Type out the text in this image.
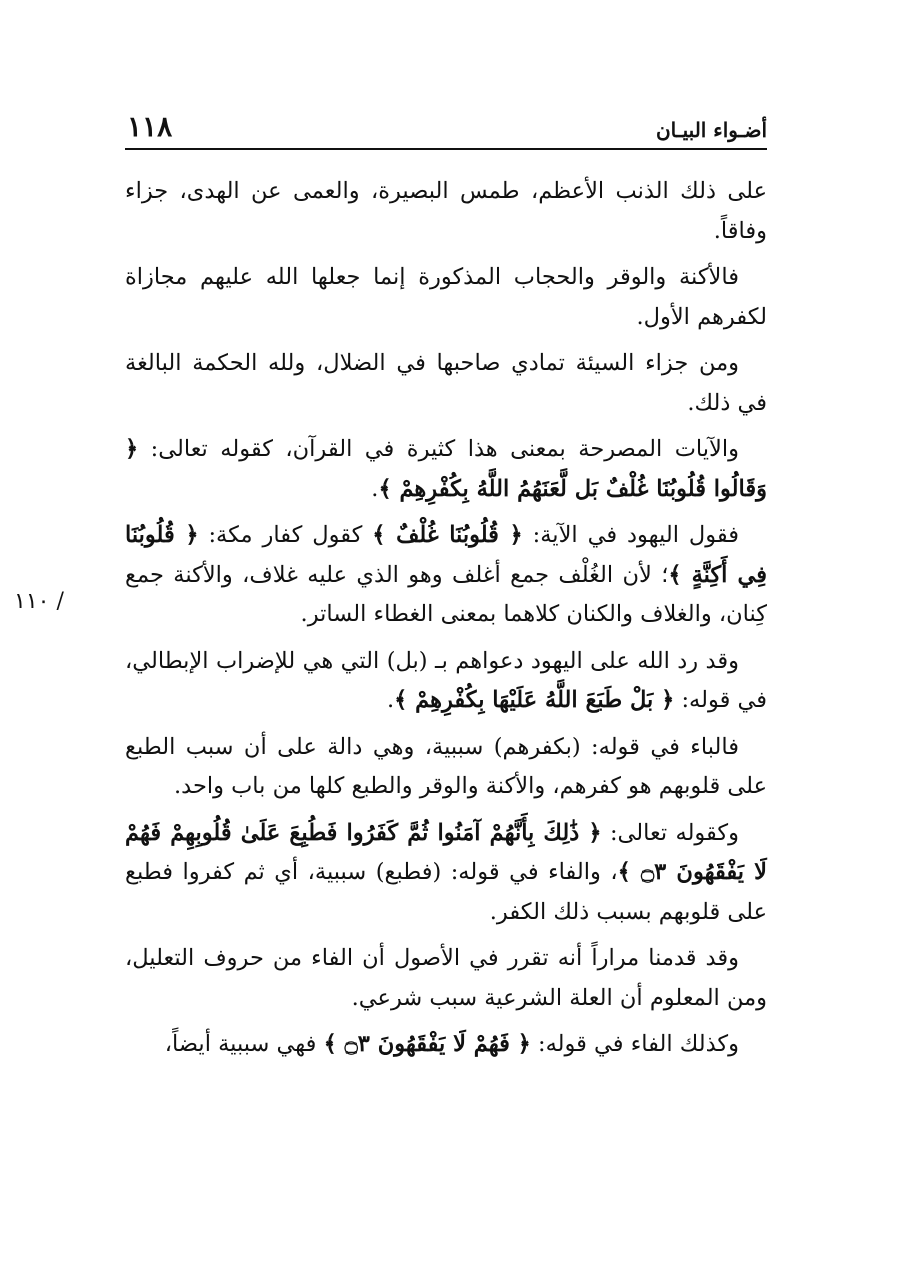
١١٨	أضـواء البيـان
١١٠ /

على ذلك الذنب الأعظم، طمس البصيرة، والعمى عن الهدى، جزاء وفاقاً.

فالأكنة والوقر والحجاب المذكورة إنما جعلها الله عليهم مجازاة لكفرهم الأول.

ومن جزاء السيئة تمادي صاحبها في الضلال، ولله الحكمة البالغة في ذلك.

والآيات المصرحة بمعنى هذا كثيرة في القرآن، كقوله تعالى: ﴿ وَقَالُوا قُلُوبُنَا غُلْفٌ بَل لَّعَنَهُمُ اللَّهُ بِكُفْرِهِمْ ﴾.

فقول اليهود في الآية: ﴿ قُلُوبُنَا غُلْفٌ ﴾ كقول كفار مكة: ﴿ قُلُوبُنَا فِي أَكِنَّةٍ ﴾؛ لأن الغُلْف جمع أغلف وهو الذي عليه غلاف، والأكنة جمع كِنان، والغلاف والكنان كلاهما بمعنى الغطاء الساتر.

وقد رد الله على اليهود دعواهم بـ (بل) التي هي للإضراب الإبطالي، في قوله: ﴿ بَلْ طَبَعَ اللَّهُ عَلَيْهَا بِكُفْرِهِمْ ﴾.

فالباء في قوله: (بكفرهم) سببية، وهي دالة على أن سبب الطبع على قلوبهم هو كفرهم، والأكنة والوقر والطبع كلها من باب واحد.

وكقوله تعالى: ﴿ ذَٰلِكَ بِأَنَّهُمْ آمَنُوا ثُمَّ كَفَرُوا فَطُبِعَ عَلَىٰ قُلُوبِهِمْ فَهُمْ لَا يَفْقَهُونَ ۝٣ ﴾، والفاء في قوله: (فطبع) سببية، أي ثم كفروا فطبع على قلوبهم بسبب ذلك الكفر.

وقد قدمنا مراراً أنه تقرر في الأصول أن الفاء من حروف التعليل، ومن المعلوم أن العلة الشرعية سبب شرعي.

وكذلك الفاء في قوله: ﴿ فَهُمْ لَا يَفْقَهُونَ ۝٣ ﴾ فهي سببية أيضاً،
